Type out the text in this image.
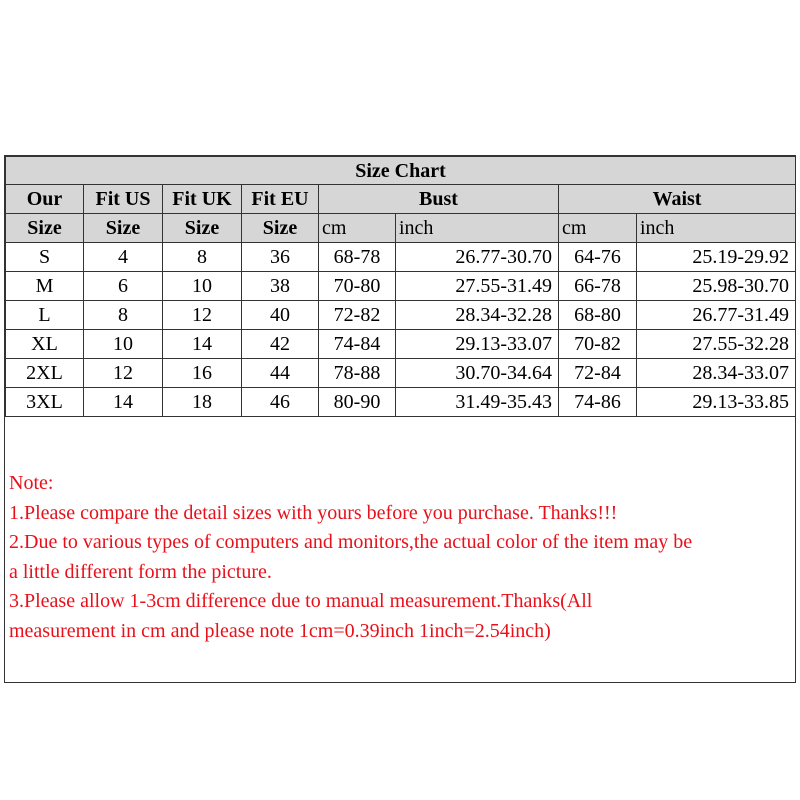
Size Chart							
Our	Fit US	Fit UK	Fit EU	Bust		Waist	
Size	Size	Size	Size	cm	inch	cm	inch
S	4	8	36	68-78	26.77-30.70	64-76	25.19-29.92
M	6	10	38	70-80	27.55-31.49	66-78	25.98-30.70
L	8	12	40	72-82	28.34-32.28	68-80	26.77-31.49
XL	10	14	42	74-84	29.13-33.07	70-82	27.55-32.28
2XL	12	16	44	78-88	30.70-34.64	72-84	28.34-33.07
3XL	14	18	46	80-90	31.49-35.43	74-86	29.13-33.85
Note:
1.Please compare the detail sizes with yours before you purchase. Thanks!!!
2.Due to various types of computers and monitors,the actual color of the item may be
a little different form the picture.
3.Please allow 1-3cm difference due to manual measurement.Thanks(All
measurement in cm and please note 1cm=0.39inch 1inch=2.54inch)
